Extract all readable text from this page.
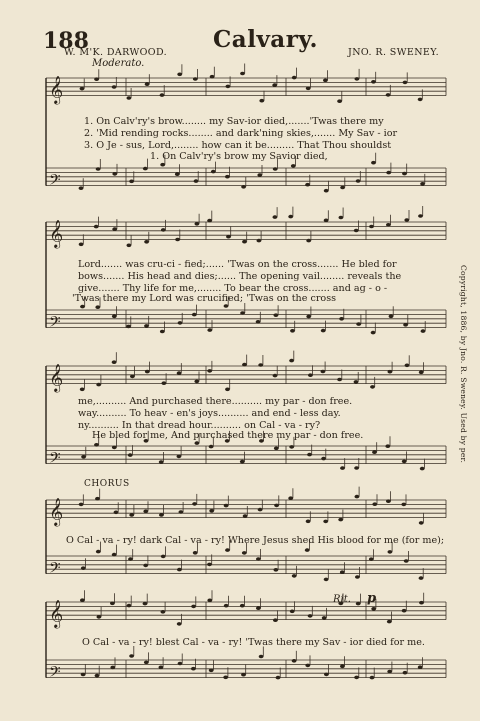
𝄞
𝄢
𝄞
𝄢
𝄞
𝄢
𝄞
𝄢
𝄞
𝄢
188	Calvary.
W. M'K. DARWOOD.	JNO. R. SWENEY.
Moderato.
1. On Calv'ry's brow........ my Sav-ior died,.......'Twas there my
2. 'Mid rending rocks........ and dark'ning skies,....... My Sav - ior
3. O Je - sus, Lord,........ how can it be......... That Thou shouldst
1. On Calv'ry's brow my Savior died,
Lord....... was cru-ci - fied;...... 'Twas on the cross....... He bled for
bows....... His head and dies;...... The opening vail........ reveals the
give....... Thy life for me,........ To bear the cross....... and ag - o -
'Twas there my Lord was crucified; 'Twas on the cross
me,.......... And purchased there.......... my par - don free.
way.......... To heav - en's joys.......... and end - less day.
ny.......... In that dread hour.......... on Cal - va - ry?
He bled for me, And purchased there my par - don free.
CHORUS
O Cal - va - ry! dark Cal - va - ry! Where Jesus shed His blood for me (for me);
Rit. p
O Cal - va - ry! blest Cal - va - ry! 'Twas there my Sav - ior died for me.
Copyright, 1886, by Jno. R. Sweney. Used by per.
